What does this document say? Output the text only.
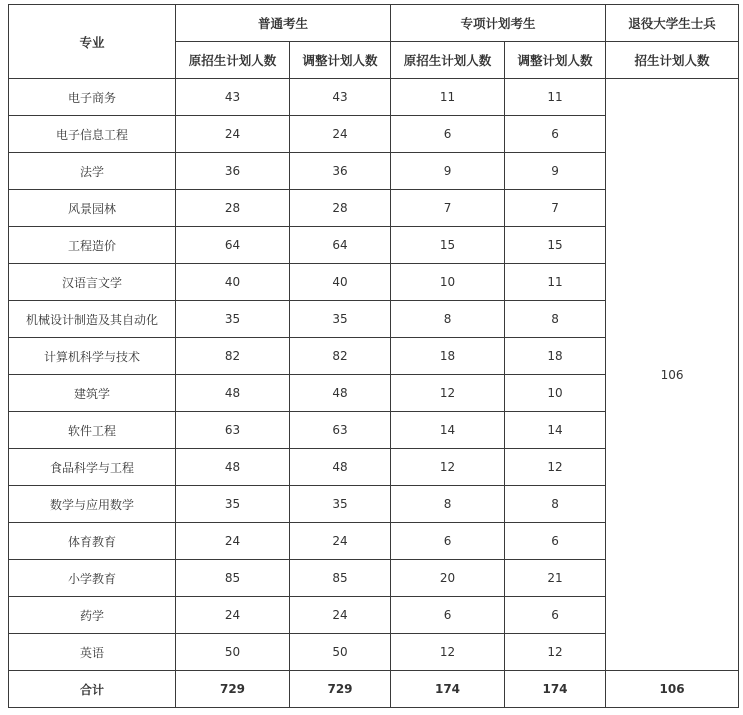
专业	普通考生		专项计划考生		退役大学生士兵
	原招生计划人数	调整计划人数	原招生计划人数	调整计划人数	招生计划人数
电子商务	43	43	11	11	106
电子信息工程	24	24	6	6	
法学	36	36	9	9	
风景园林	28	28	7	7	
工程造价	64	64	15	15	
汉语言文学	40	40	10	11	
机械设计制造及其自动化	35	35	8	8	
计算机科学与技术	82	82	18	18	
建筑学	48	48	12	10	
软件工程	63	63	14	14	
食品科学与工程	48	48	12	12	
数学与应用数学	35	35	8	8	
体育教育	24	24	6	6	
小学教育	85	85	20	21	
药学	24	24	6	6	
英语	50	50	12	12	
合计	729	729	174	174	106
